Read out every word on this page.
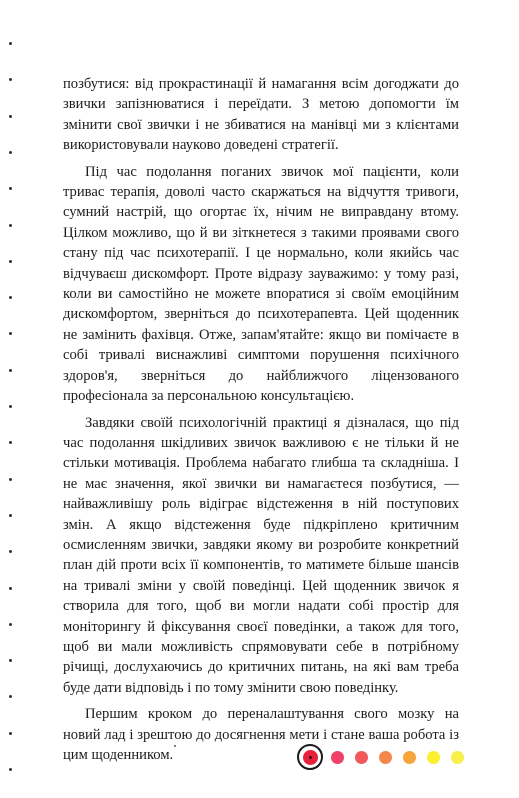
позбутися: від прокрастинації й намагання всім догоджати до звички запізнюватися і переїдати. З метою допомогти їм змінити свої звички і не збиватися на манівці ми з клієнтами використовували науково доведені стратегії.

Під час подолання поганих звичок мої пацієнти, коли тривас терапія, доволі часто скаржаться на відчуття тривоги, сумний настрій, що огортає їх, нічим не виправдану втому. Цілком можливо, що й ви зіткнетеся з такими проявами свого стану під час психотерапії. І це нормально, коли якийсь час відчуваєш дискомфорт. Проте відразу зауважимо: у тому разі, коли ви самостійно не можете впоратися зі своїм емоційним дискомфортом, зверніться до психотерапевта. Цей щоденник не замінить фахівця. Отже, запам'ятайте: якщо ви помічаєте в собі тривалі виснажливі симптоми порушення психічного здоров'я, зверніться до найближчого ліцензованого професіонала за персональною консультацією.

Завдяки своїй психологічній практиці я дізналася, що під час подолання шкідливих звичок важливою є не тільки й не стільки мотивація. Проблема набагато глибша та складніша. І не має значення, якої звички ви намагаєтеся позбутися, — найважливішу роль відіграє відстеження в ній поступових змін. А якщо відстеження буде підкріплено критичним осмисленням звички, завдяки якому ви розробите конкретний план дій проти всіх її компонентів, то матимете більше шансів на тривалі зміни у своїй поведінці. Цей щоденник звичок я створила для того, щоб ви могли надати собі простір для моніторингу й фіксування своєї поведінки, а також для того, щоб ви мали можливість спрямовувати себе в потрібному річищі, дослухаючись до критичних питань, на які вам треба буде дати відповідь і по тому змінити свою поведінку.

Першим кроком до переналаштування свого мозку на новий лад і зрештою до досягнення мети і стане ваша робота із цим щоденником.
